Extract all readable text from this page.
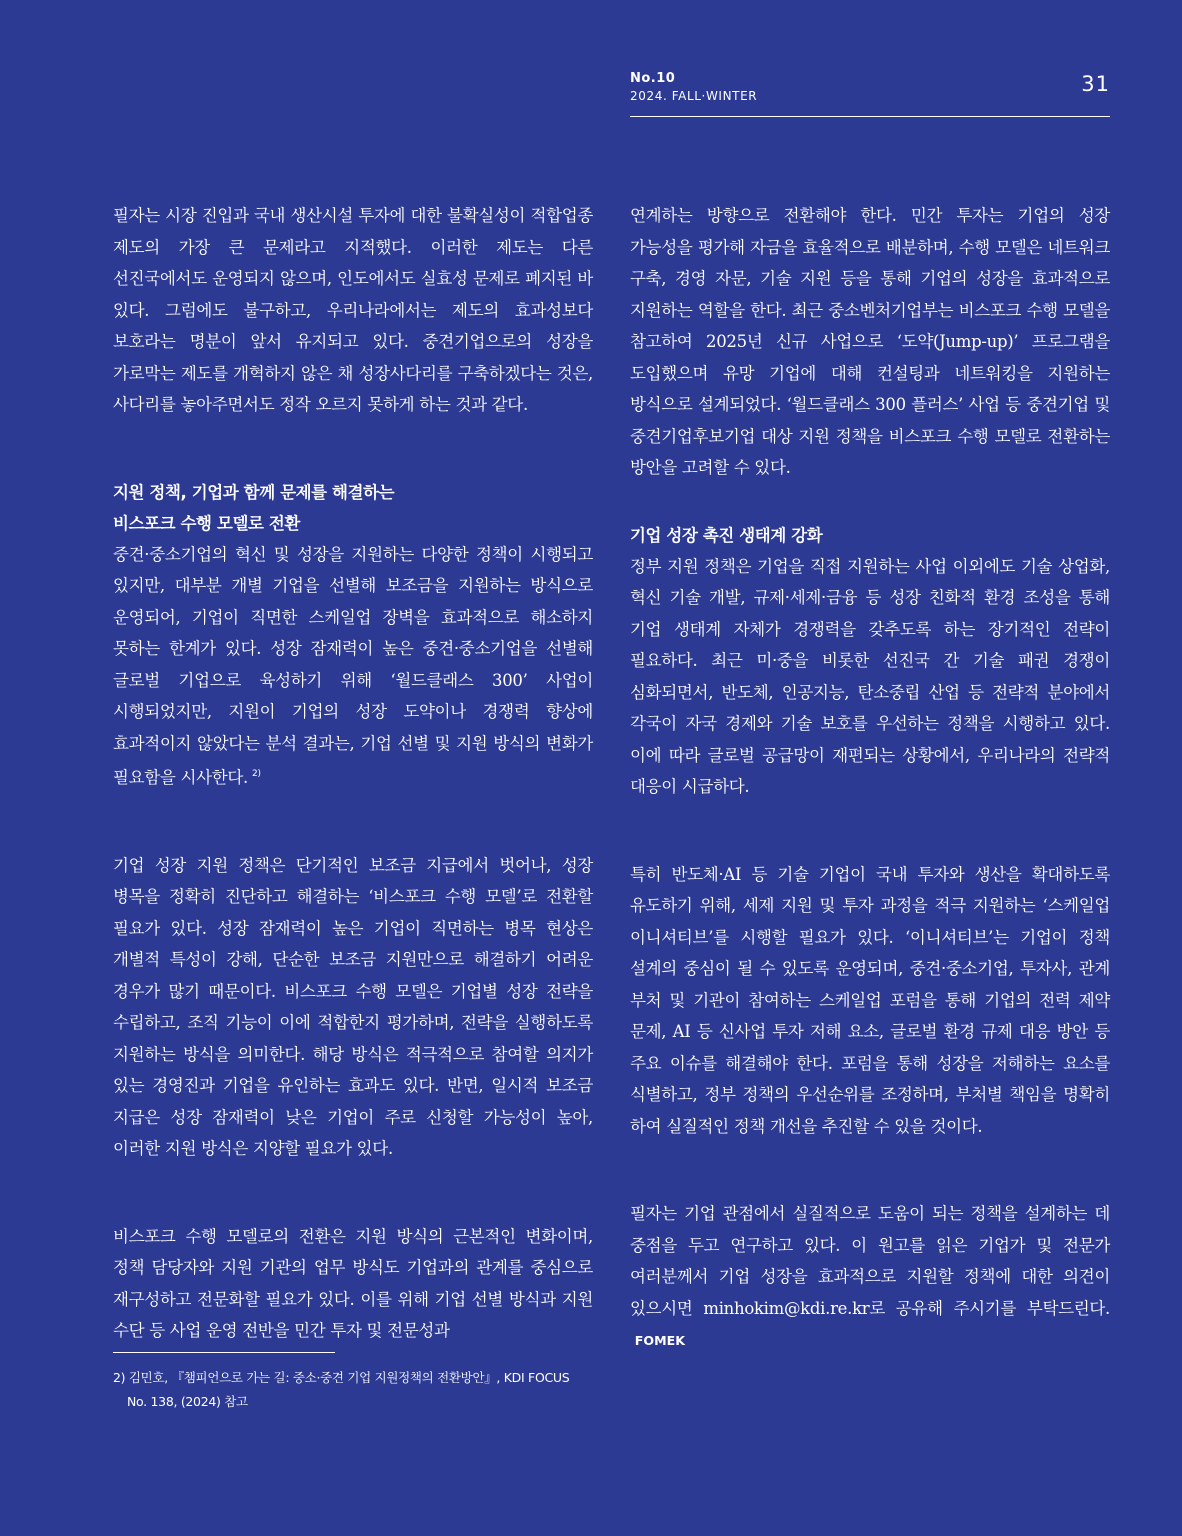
No.10
2024. FALL·WINTER	31

필자는 시장 진입과 국내 생산시설 투자에 대한 불확실성이 적합업종 제도의 가장 큰 문제라고 지적했다. 이러한 제도는 다른 선진국에서도 운영되지 않으며, 인도에서도 실효성 문제로 폐지된 바 있다. 그럼에도 불구하고, 우리나라에서는 제도의 효과성보다 보호라는 명분이 앞서 유지되고 있다. 중견기업으로의 성장을 가로막는 제도를 개혁하지 않은 채 성장사다리를 구축하겠다는 것은, 사다리를 놓아주면서도 정작 오르지 못하게 하는 것과 같다.

지원 정책, 기업과 함께 문제를 해결하는
비스포크 수행 모델로 전환

중견·중소기업의 혁신 및 성장을 지원하는 다양한 정책이 시행되고 있지만, 대부분 개별 기업을 선별해 보조금을 지원하는 방식으로 운영되어, 기업이 직면한 스케일업 장벽을 효과적으로 해소하지 못하는 한계가 있다. 성장 잠재력이 높은 중견·중소기업을 선별해 글로벌 기업으로 육성하기 위해 ‘월드클래스 300’ 사업이 시행되었지만, 지원이 기업의 성장 도약이나 경쟁력 향상에 효과적이지 않았다는 분석 결과는, 기업 선별 및 지원 방식의 변화가 필요함을 시사한다. $^{2)}$

기업 성장 지원 정책은 단기적인 보조금 지급에서 벗어나, 성장 병목을 정확히 진단하고 해결하는 ‘비스포크 수행 모델’로 전환할 필요가 있다. 성장 잠재력이 높은 기업이 직면하는 병목 현상은 개별적 특성이 강해, 단순한 보조금 지원만으로 해결하기 어려운 경우가 많기 때문이다. 비스포크 수행 모델은 기업별 성장 전략을 수립하고, 조직 기능이 이에 적합한지 평가하며, 전략을 실행하도록 지원하는 방식을 의미한다. 해당 방식은 적극적으로 참여할 의지가 있는 경영진과 기업을 유인하는 효과도 있다. 반면, 일시적 보조금 지급은 성장 잠재력이 낮은 기업이 주로 신청할 가능성이 높아, 이러한 지원 방식은 지양할 필요가 있다.

비스포크 수행 모델로의 전환은 지원 방식의 근본적인 변화이며, 정책 담당자와 지원 기관의 업무 방식도 기업과의 관계를 중심으로 재구성하고 전문화할 필요가 있다. 이를 위해 기업 선별 방식과 지원 수단 등 사업 운영 전반을 민간 투자 및 전문성과

연계하는 방향으로 전환해야 한다. 민간 투자는 기업의 성장 가능성을 평가해 자금을 효율적으로 배분하며, 수행 모델은 네트워크 구축, 경영 자문, 기술 지원 등을 통해 기업의 성장을 효과적으로 지원하는 역할을 한다. 최근 중소벤처기업부는 비스포크 수행 모델을 참고하여 2025년 신규 사업으로 ‘도약(Jump-up)’ 프로그램을 도입했으며 유망 기업에 대해 컨설팅과 네트워킹을 지원하는 방식으로 설계되었다. ‘월드클래스 300 플러스’ 사업 등 중견기업 및 중견기업후보기업 대상 지원 정책을 비스포크 수행 모델로 전환하는 방안을 고려할 수 있다.

기업 성장 촉진 생태계 강화

정부 지원 정책은 기업을 직접 지원하는 사업 이외에도 기술 상업화, 혁신 기술 개발, 규제·세제·금융 등 성장 친화적 환경 조성을 통해 기업 생태계 자체가 경쟁력을 갖추도록 하는 장기적인 전략이 필요하다. 최근 미·중을 비롯한 선진국 간 기술 패권 경쟁이 심화되면서, 반도체, 인공지능, 탄소중립 산업 등 전략적 분야에서 각국이 자국 경제와 기술 보호를 우선하는 정책을 시행하고 있다. 이에 따라 글로벌 공급망이 재편되는 상황에서, 우리나라의 전략적 대응이 시급하다.

특히 반도체·AI 등 기술 기업이 국내 투자와 생산을 확대하도록 유도하기 위해, 세제 지원 및 투자 과정을 적극 지원하는 ‘스케일업 이니셔티브’를 시행할 필요가 있다. ‘이니셔티브’는 기업이 정책 설계의 중심이 될 수 있도록 운영되며, 중견·중소기업, 투자사, 관계 부처 및 기관이 참여하는 스케일업 포럼을 통해 기업의 전력 제약 문제, AI 등 신사업 투자 저해 요소, 글로벌 환경 규제 대응 방안 등 주요 이슈를 해결해야 한다. 포럼을 통해 성장을 저해하는 요소를 식별하고, 정부 정책의 우선순위를 조정하며, 부처별 책임을 명확히 하여 실질적인 정책 개선을 추진할 수 있을 것이다.

필자는 기업 관점에서 실질적으로 도움이 되는 정책을 설계하는 데 중점을 두고 연구하고 있다. 이 원고를 읽은 기업가 및 전문가 여러분께서 기업 성장을 효과적으로 지원할 정책에 대한 의견이 있으시면 minhokim@kdi.re.kr로 공유해 주시기를 부탁드린다.FOMEK

2) 김민호, 『챔피언으로 가는 길: 중소·중견 기업 지원정책의 전환방안』, KDI FOCUS
No. 138, (2024) 참고
